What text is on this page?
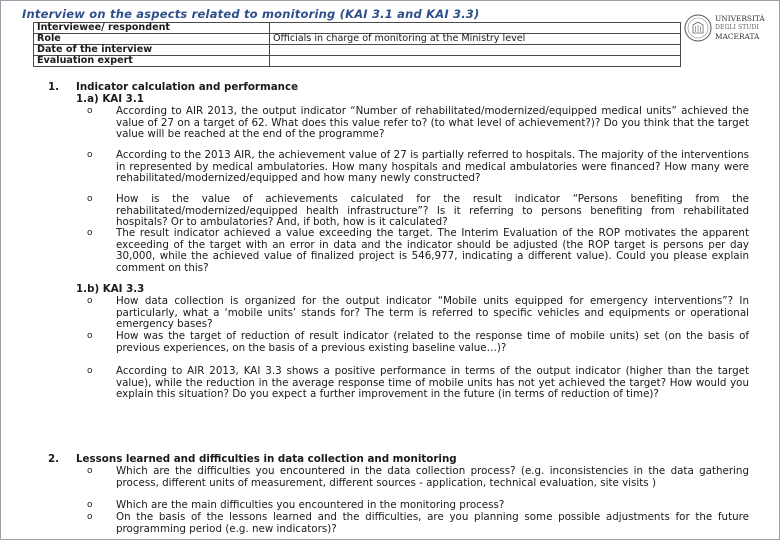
Interview on the aspects related to monitoring (KAI 3.1 and KAI 3.3)
Interviewee/ respondent	
Role	Officials in charge of monitoring at the Ministry level
Date of the interview	
Evaluation expert	
UNIVERSITÀ
DEGLI STUDI
MACERATA
1. Indicator calculation and performance
1.a) KAI 3.1
o	According to AIR 2013, the output indicator “Number of rehabilitated/modernized/equipped medical units” achieved the value of 27 on a target of 62. What does this value refer to? (to what level of achievement?)? Do you think that the target value will be reached at the end of the programme?
o	According to the 2013 AIR, the achievement value of 27 is partially referred to hospitals. The majority of the interventions in represented by medical ambulatories. How many hospitals and medical ambulatories were financed? How many were rehabilitated/modernized/equipped and how many newly constructed?
o	How is the value of achievements calculated for the result indicator “Persons benefiting from the rehabilitated/modernized/equipped health infrastructure”? Is it referring to persons benefiting from rehabilitated hospitals? Or to ambulatories? And, if both, how is it calculated?
o	The result indicator achieved a value exceeding the target. The Interim Evaluation of the ROP motivates the apparent exceeding of the target with an error in data and the indicator should be adjusted (the ROP target is persons per day 30,000, while the achieved value of finalized project is 546,977, indicating a different value). Could you please explain comment on this?
1.b) KAI 3.3
o	How data collection is organized for the output indicator “Mobile units equipped for emergency interventions”? In particularly, what a ‘mobile units’ stands for? The term is referred to specific vehicles and equipments or operational emergency bases?
o	How was the target of reduction of result indicator (related to the response time of mobile units) set (on the basis of previous experiences, on the basis of a previous existing baseline value…)?
o	According to AIR 2013, KAI 3.3 shows a positive performance in terms of the output indicator (higher than the target value), while the reduction in the average response time of mobile units has not yet achieved the target? How would you explain this situation? Do you expect a further improvement in the future (in terms of reduction of time)?
2. Lessons learned and difficulties in data collection and monitoring
o	Which are the difficulties you encountered in the data collection process? (e.g. inconsistencies in the data gathering process, different units of measurement, different sources - application, technical evaluation, site visits )
o	Which are the main difficulties you encountered in the monitoring process?
o	On the basis of the lessons learned and the difficulties, are you planning some possible adjustments for the future programming period (e.g. new indicators)?
